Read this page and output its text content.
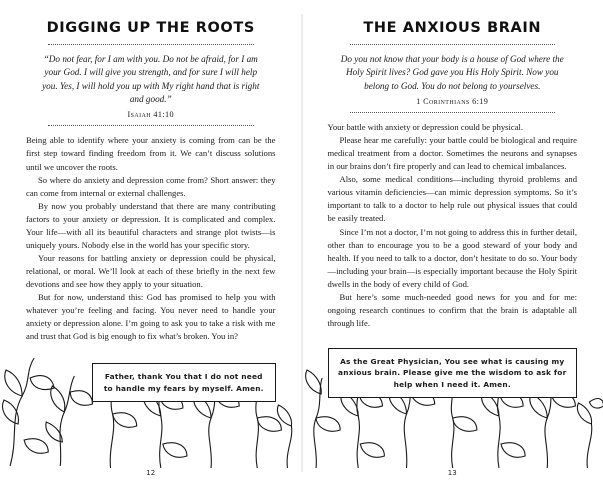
DIGGING UP THE ROOTS
“Do not fear, for I am with you. Do not be afraid, for I am your God. I will give you strength, and for sure I will help you. Yes, I will hold you up with My right hand that is right and good.”
Isaiah 41:10

Being able to identify where your anxiety is coming from can be the first step toward finding freedom from it. We can’t discuss solutions until we uncover the roots.

So where do anxiety and depression come from? Short answer: they can come from internal or external challenges.

By now you probably understand that there are many contributing factors to your anxiety or depression. It is complicated and complex. Your life—with all its beautiful characters and strange plot twists—is uniquely yours. Nobody else in the world has your specific story.

Your reasons for battling anxiety or depression could be physical, relational, or moral. We’ll look at each of these briefly in the next few devotions and see how they apply to your situation.

But for now, understand this: God has promised to help you with whatever you’re feeling and facing. You never need to handle your anxiety or depression alone. I’m going to ask you to take a risk with me and trust that God is big enough to fix what’s broken. You in?

Father, thank You that I do not need to handle my fears by myself. Amen.
12
THE ANXIOUS BRAIN
Do you not know that your body is a house of God where the Holy Spirit lives? God gave you His Holy Spirit. Now you belong to God. You do not belong to yourselves.
1 Corinthians 6:19

Your battle with anxiety or depression could be physical.

Please hear me carefully: your battle could be biological and require medical treatment from a doctor. Sometimes the neurons and synapses in our brains don’t fire properly and can lead to chemical imbalances.

Also, some medical conditions—including thyroid problems and various vitamin deficiencies—can mimic depression symptoms. So it’s important to talk to a doctor to help rule out physical issues that could be easily treated.

Since I’m not a doctor, I’m not going to address this in further detail, other than to encourage you to be a good steward of your body and health. If you need to talk to a doctor, don’t hesitate to do so. Your body—including your brain—is especially important because the Holy Spirit dwells in the body of every child of God.

But here’s some much-needed good news for you and for me: ongoing research continues to confirm that the brain is adaptable all through life.

As the Great Physician, You see what is causing my anxious brain. Please give me the wisdom to ask for help when I need it. Amen.
13
